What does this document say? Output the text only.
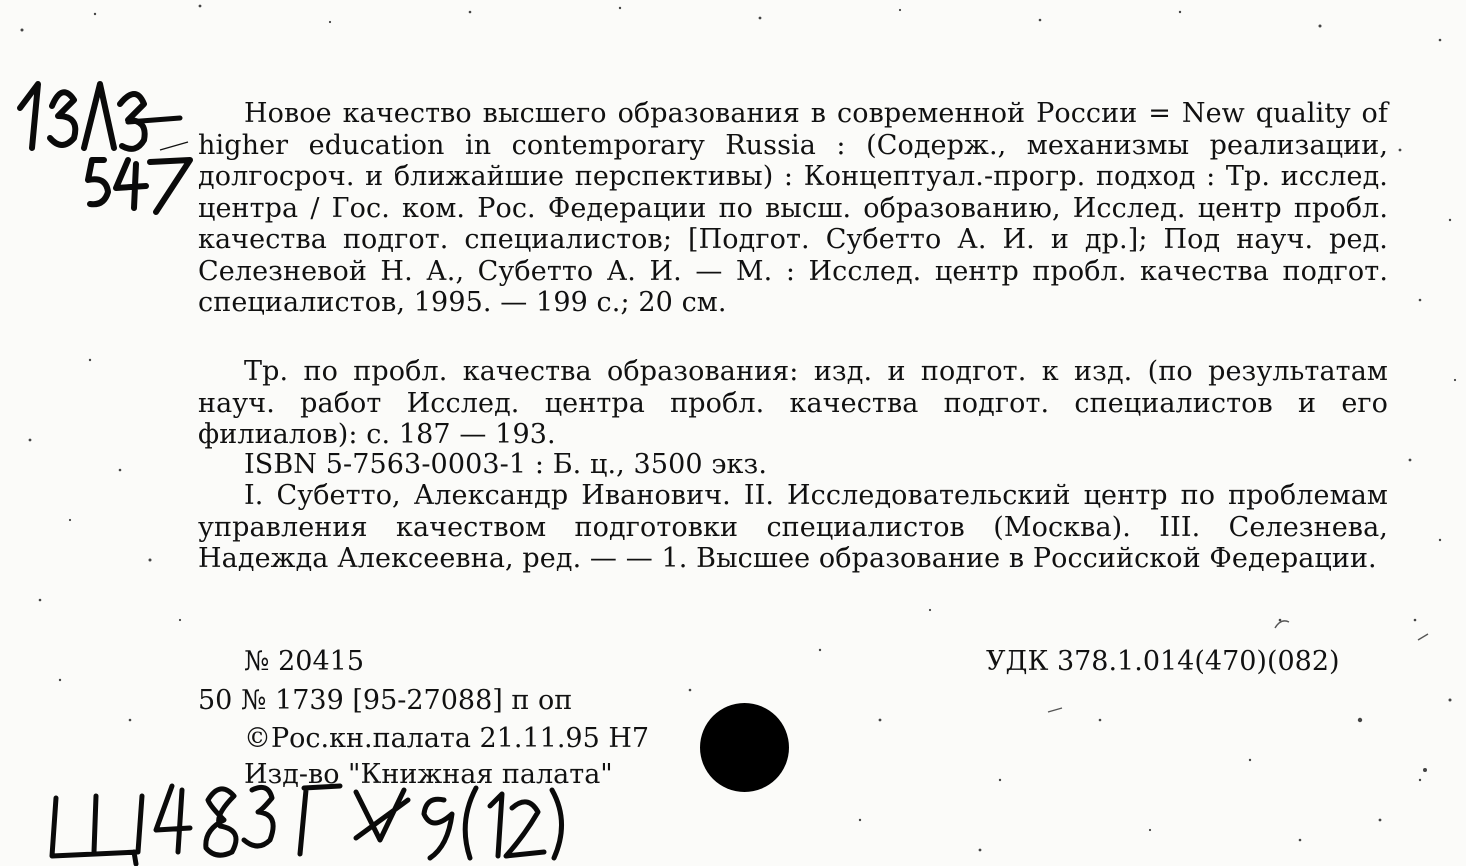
Новое качество высшего образования в современной России = New quality of higher education in contemporary Russia : (Содерж., механизмы реализации, долгосроч. и ближайшие перспективы) : Концептуал.-прогр. подход : Тр. исслед. центра / Гос. ком. Рос. Федерации по высш. образованию, Исслед. центр пробл. качества подгот. специалистов; [Подгот. Субетто А. И. и др.]; Под науч. ред. Селезневой Н. А., Субетто А. И. — М. : Исслед. центр пробл. качества подгот. специалистов, 1995. — 199 с.; 20 см.

Тр. по пробл. качества образования: изд. и подгот. к изд. (по результатам науч. работ Исслед. центра пробл. качества подгот. специалистов и его филиалов): с. 187 — 193.

ISBN 5-7563-0003-1 : Б. ц., 3500 экз.

I. Субетто, Александр Иванович. II. Исследовательский центр по проблемам управления качеством подготовки специалистов (Москва). III. Селезнева, Надежда Алексеевна, ред. — — 1. Высшее образование в Российской Федерации.

№ 20415	УДК 378.1.014(470)(082)

50 № 1739 [95-27088] п оп

©Рос.кн.палата 21.11.95 Н7

Изд-во "Книжная палата"
